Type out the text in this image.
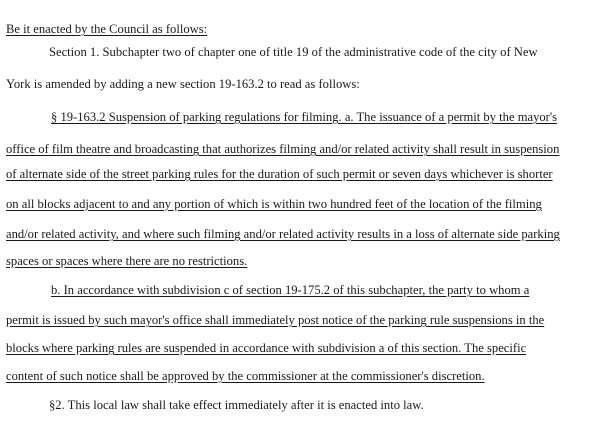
Be it enacted by the Council as follows:
Section 1. Subchapter two of chapter one of title 19 of the administrative code of the city of New
York is amended by adding a new section 19-163.2 to read as follows:
§ 19-163.2 Suspension of parking regulations for filming. a. The issuance of a permit by the mayor's
office of film theatre and broadcasting that authorizes filming and/or related activity shall result in suspension
of alternate side of the street parking rules for the duration of such permit or seven days whichever is shorter
on all blocks adjacent to and any portion of which is within two hundred feet of the location of the filming
and/or related activity, and where such filming and/or related activity results in a loss of alternate side parking
spaces or spaces where there are no restrictions.
b. In accordance with subdivision c of section 19-175.2 of this subchapter, the party to whom a
permit is issued by such mayor's office shall immediately post notice of the parking rule suspensions in the
blocks where parking rules are suspended in accordance with subdivision a of this section. The specific
content of such notice shall be approved by the commissioner at the commissioner's discretion.
§2. This local law shall take effect immediately after it is enacted into law.
